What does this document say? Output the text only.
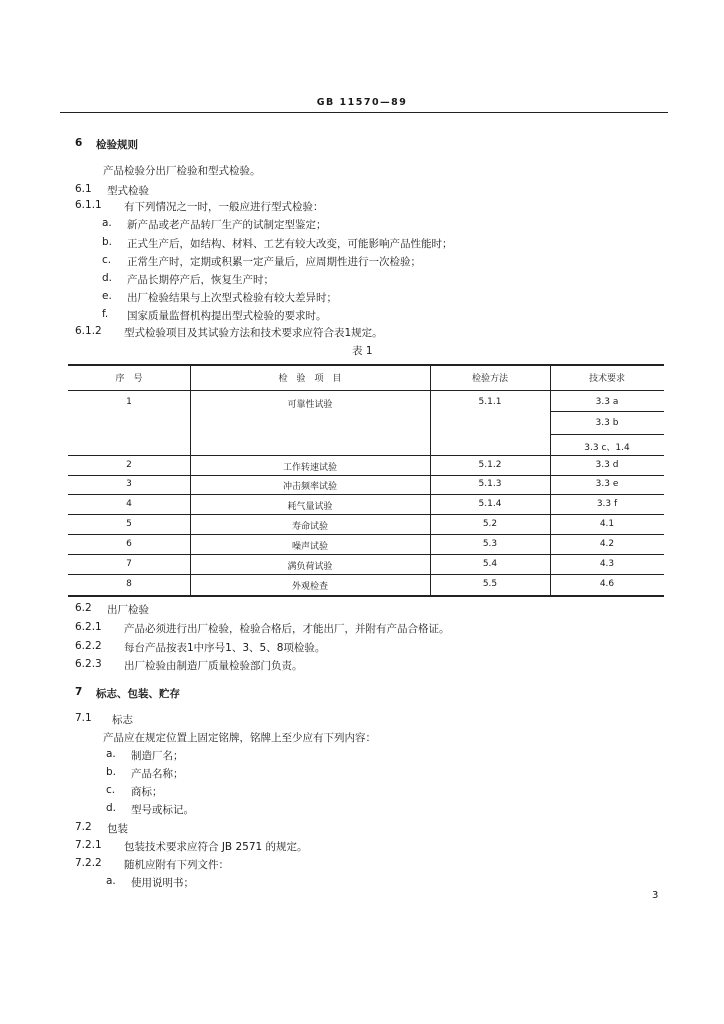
GB 11570—89
6 检验规则
产品检验分出厂检验和型式检验。
6.1 型式检验
6.1.1 有下列情况之一时，一般应进行型式检验：
a. 新产品或老产品转厂生产的试制定型鉴定；
b. 正式生产后，如结构、材料、工艺有较大改变，可能影响产品性能时；
c. 正常生产时，定期或积累一定产量后，应周期性进行一次检验；
d. 产品长期停产后，恢复生产时；
e. 出厂检验结果与上次型式检验有较大差异时；
f. 国家质量监督机构提出型式检验的要求时。
6.1.2 型式检验项目及其试验方法和技术要求应符合表1规定。
表 1
序　号	检　验　项　目	检验方法	技术要求
1	可靠性试验	5.1.1	3.3 a
3.3 b
3.3 c、1.4
2	工作转速试验	5.1.2	3.3 d
3	冲击频率试验	5.1.3	3.3 e
4	耗气量试验	5.1.4	3.3 f
5	寿命试验	5.2	4.1
6	噪声试验	5.3	4.2
7	满负荷试验	5.4	4.3
8	外观检查	5.5	4.6
6.2 出厂检验
6.2.1 产品必须进行出厂检验，检验合格后，才能出厂，并附有产品合格证。
6.2.2 每台产品按表1中序号1、3、5、8项检验。
6.2.3 出厂检验由制造厂质量检验部门负责。
7 标志、包装、贮存
7.1 标志
产品应在规定位置上固定铭牌，铭牌上至少应有下列内容：
a. 制造厂名；
b. 产品名称；
c. 商标；
d. 型号或标记。
7.2 包装
7.2.1 包装技术要求应符合 JB 2571 的规定。
7.2.2 随机应附有下列文件：
a. 使用说明书；
3
